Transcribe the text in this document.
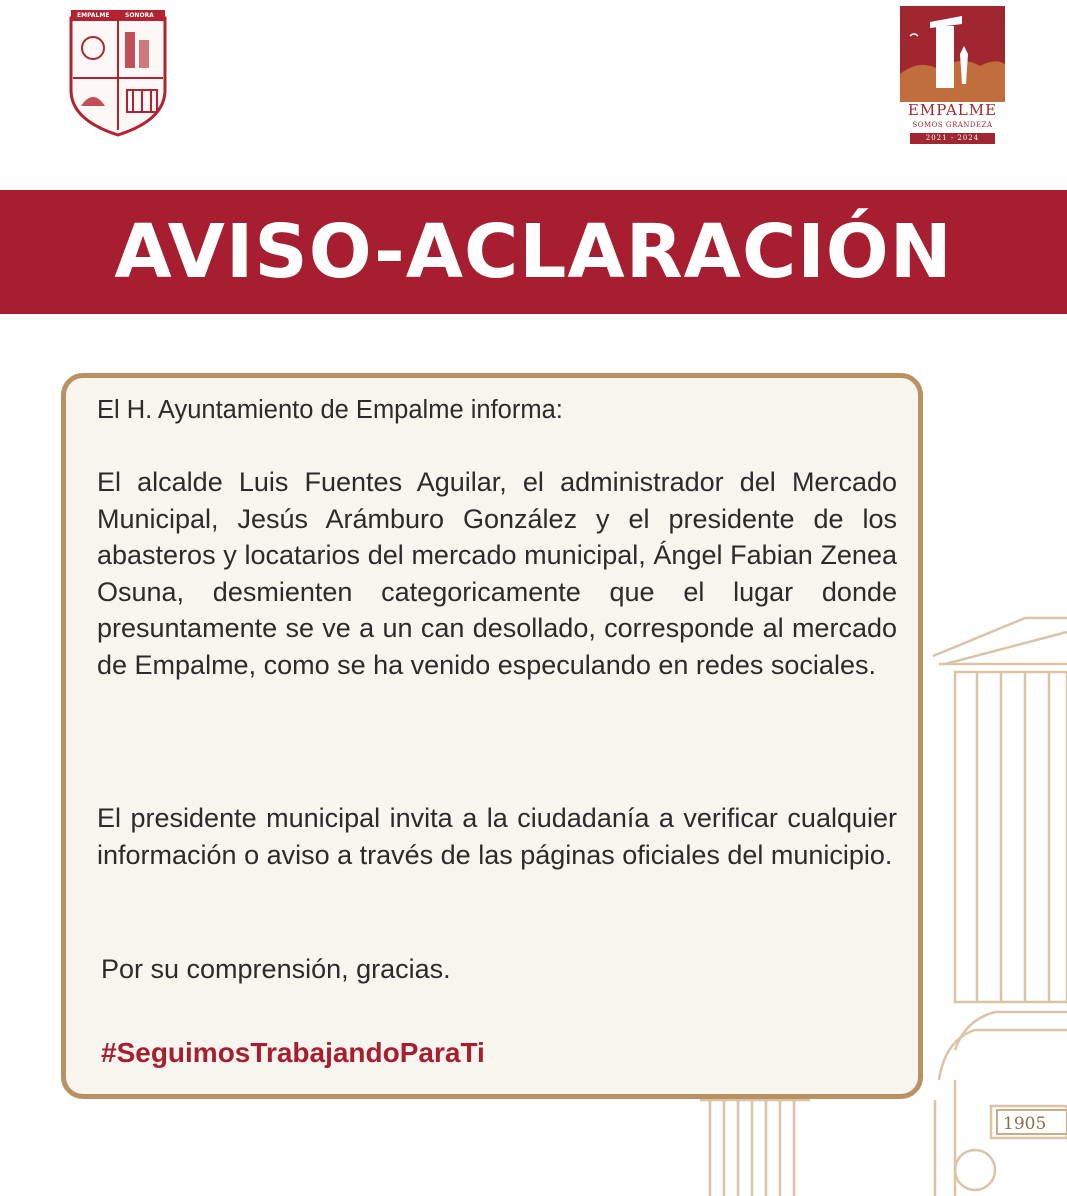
EMPALME	SONORA
EMPALME
SOMOS GRANDEZA
2021 - 2024
AVISO-ACLARACIÓN
1905

El H. Ayuntamiento de Empalme informa:

El alcalde Luis Fuentes Aguilar, el administrador del Mercado Municipal, Jesús Arámburo González y el presidente de los abasteros y locatarios del mercado municipal, Ángel Fabian Zenea Osuna, desmienten categoricamente que el lugar donde presuntamente se ve a un can desollado, corresponde al mercado de Empalme, como se ha venido especulando en redes sociales.

El presidente municipal invita a la ciudadanía a verificar cualquier información o aviso a través de las páginas oficiales del municipio.

Por su comprensión, gracias.

#SeguimosTrabajandoParaTi
